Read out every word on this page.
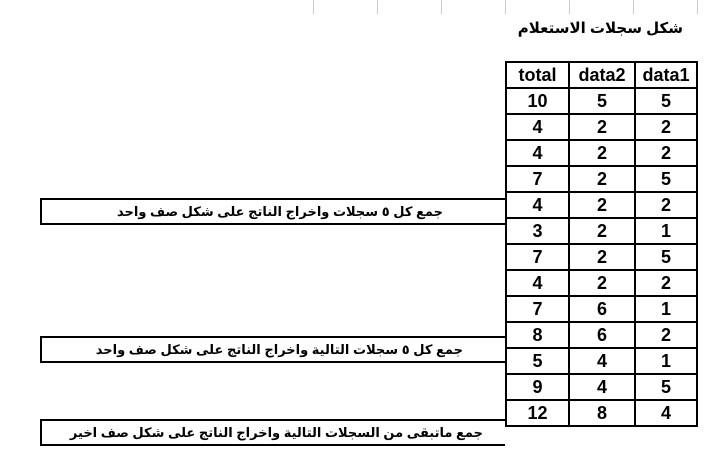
شكل سجلات الاستعلام
total	data2	data1
10	5	5
4	2	2
4	2	2
7	2	5
4	2	2
3	2	1
7	2	5
4	2	2
7	6	1
8	6	2
5	4	1
9	4	5
12	8	4
جمع كل ٥ سجلات واخراج الناتج على شكل صف واحد
جمع كل ٥ سجلات التالية واخراج الناتج على شكل صف واحد
جمع ماتبقى من السجلات التالية واخراج الناتج على شكل صف اخير
